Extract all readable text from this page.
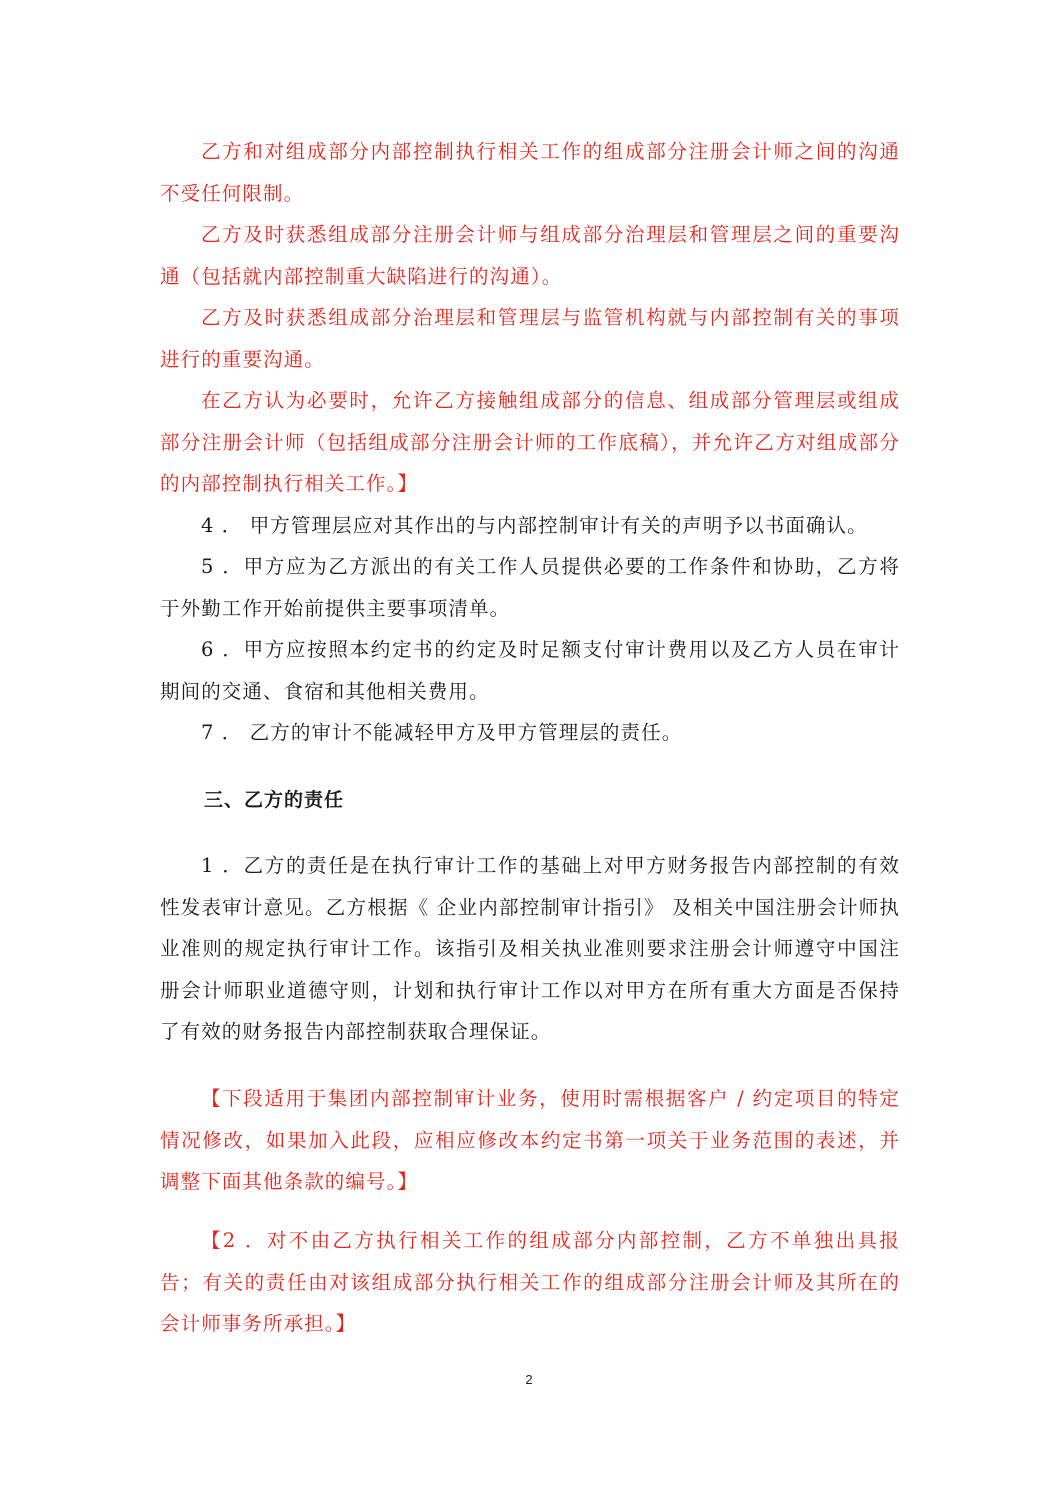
乙方和对组成部分内部控制执行相关工作的组成部分注册会计师之间的沟通不受任何限制。

乙方及时获悉组成部分注册会计师与组成部分治理层和管理层之间的重要沟通（包括就内部控制重大缺陷进行的沟通）。

乙方及时获悉组成部分治理层和管理层与监管机构就与内部控制有关的事项进行的重要沟通。

在乙方认为必要时，允许乙方接触组成部分的信息、组成部分管理层或组成部分注册会计师（包括组成部分注册会计师的工作底稿），并允许乙方对组成部分的内部控制执行相关工作。】

4 ． 甲方管理层应对其作出的与内部控制审计有关的声明予以书面确认。

5 ．甲方应为乙方派出的有关工作人员提供必要的工作条件和协助，乙方将于外勤工作开始前提供主要事项清单。

6 ．甲方应按照本约定书的约定及时足额支付审计费用以及乙方人员在审计期间的交通、食宿和其他相关费用。

7 ． 乙方的审计不能减轻甲方及甲方管理层的责任。

三、乙方的责任

1 ．乙方的责任是在执行审计工作的基础上对甲方财务报告内部控制的有效性发表审计意见。乙方根据《 企业内部控制审计指引》 及相关中国注册会计师执业准则的规定执行审计工作。该指引及相关执业准则要求注册会计师遵守中国注册会计师职业道德守则，计划和执行审计工作以对甲方在所有重大方面是否保持了有效的财务报告内部控制获取合理保证。

【下段适用于集团内部控制审计业务，使用时需根据客户 / 约定项目的特定情况修改，如果加入此段，应相应修改本约定书第一项关于业务范围的表述，并调整下面其他条款的编号。】

【2 ．对不由乙方执行相关工作的组成部分内部控制，乙方不单独出具报告；有关的责任由对该组成部分执行相关工作的组成部分注册会计师及其所在的会计师事务所承担。】

2
